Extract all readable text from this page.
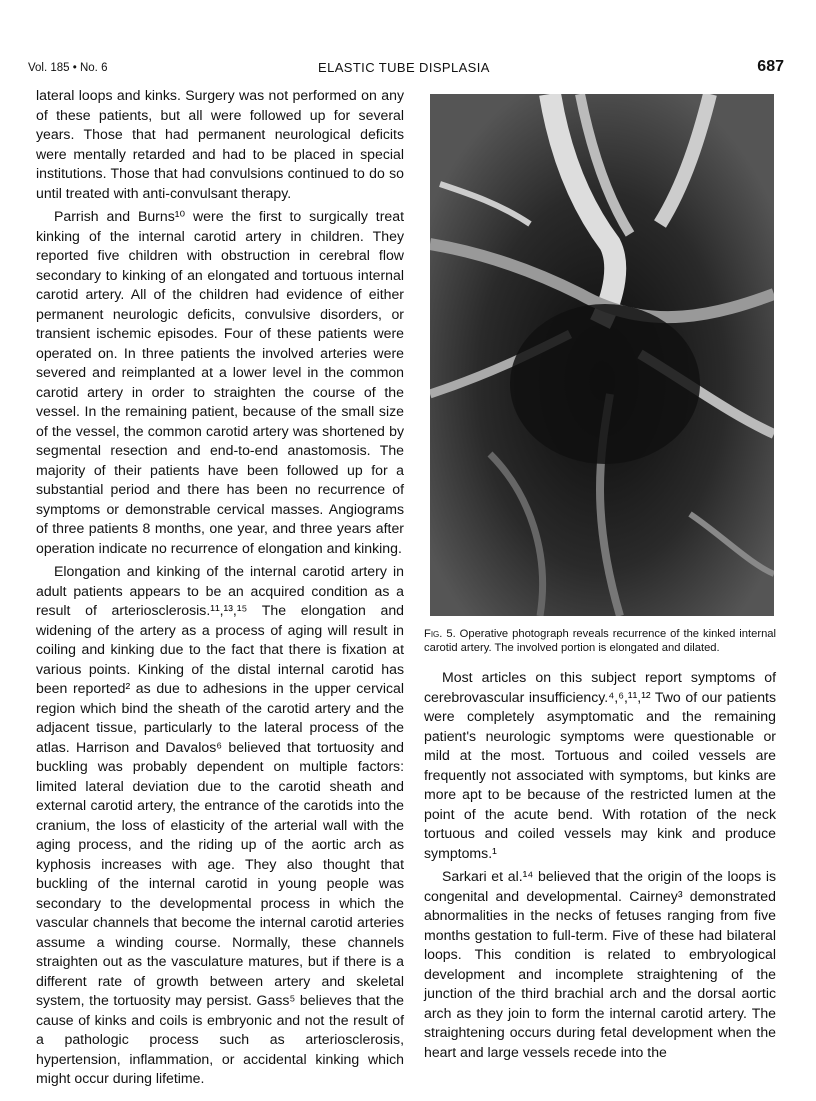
Vol. 185 • No. 6	ELASTIC TUBE DISPLASIA	687

lateral loops and kinks. Surgery was not performed on any of these patients, but all were followed up for several years. Those that had permanent neurological deficits were mentally retarded and had to be placed in special institutions. Those that had convulsions continued to do so until treated with anti-convulsant therapy.

Parrish and Burns¹⁰ were the first to surgically treat kinking of the internal carotid artery in children. They reported five children with obstruction in cerebral flow secondary to kinking of an elongated and tortuous internal carotid artery. All of the children had evidence of either permanent neurologic deficits, convulsive disorders, or transient ischemic episodes. Four of these patients were operated on. In three patients the involved arteries were severed and reimplanted at a lower level in the common carotid artery in order to straighten the course of the vessel. In the remaining patient, because of the small size of the vessel, the common carotid artery was shortened by segmental resection and end-to-end anastomosis. The majority of their patients have been followed up for a substantial period and there has been no recurrence of symptoms or demonstrable cervical masses. Angiograms of three patients 8 months, one year, and three years after operation indicate no recurrence of elongation and kinking.

Elongation and kinking of the internal carotid artery in adult patients appears to be an acquired condition as a result of arteriosclerosis.¹¹,¹³,¹⁵ The elongation and widening of the artery as a process of aging will result in coiling and kinking due to the fact that there is fixation at various points. Kinking of the distal internal carotid has been reported² as due to adhesions in the upper cervical region which bind the sheath of the carotid artery and the adjacent tissue, particularly to the lateral process of the atlas. Harrison and Davalos⁶ believed that tortuosity and buckling was probably dependent on multiple factors: limited lateral deviation due to the carotid sheath and external carotid artery, the entrance of the carotids into the cranium, the loss of elasticity of the arterial wall with the aging process, and the riding up of the aortic arch as kyphosis increases with age. They also thought that buckling of the internal carotid in young people was secondary to the developmental process in which the vascular channels that become the internal carotid arteries assume a winding course. Normally, these channels straighten out as the vasculature matures, but if there is a different rate of growth between artery and skeletal system, the tortuosity may persist. Gass⁵ believes that the cause of kinks and coils is embryonic and not the result of a pathologic process such as arteriosclerosis, hypertension, inflammation, or accidental kinking which might occur during lifetime.

Fig. 5. Operative photograph reveals recurrence of the kinked internal carotid artery. The involved portion is elongated and dilated.

Most articles on this subject report symptoms of cerebrovascular insufficiency.⁴,⁶,¹¹,¹² Two of our patients were completely asymptomatic and the remaining patient's neurologic symptoms were questionable or mild at the most. Tortuous and coiled vessels are frequently not associated with symptoms, but kinks are more apt to be because of the restricted lumen at the point of the acute bend. With rotation of the neck tortuous and coiled vessels may kink and produce symptoms.¹

Sarkari et al.¹⁴ believed that the origin of the loops is congenital and developmental. Cairney³ demonstrated abnormalities in the necks of fetuses ranging from five months gestation to full-term. Five of these had bilateral loops. This condition is related to embryological development and incomplete straightening of the junction of the third brachial arch and the dorsal aortic arch as they join to form the internal carotid artery. The straightening occurs during fetal development when the heart and large vessels recede into the
